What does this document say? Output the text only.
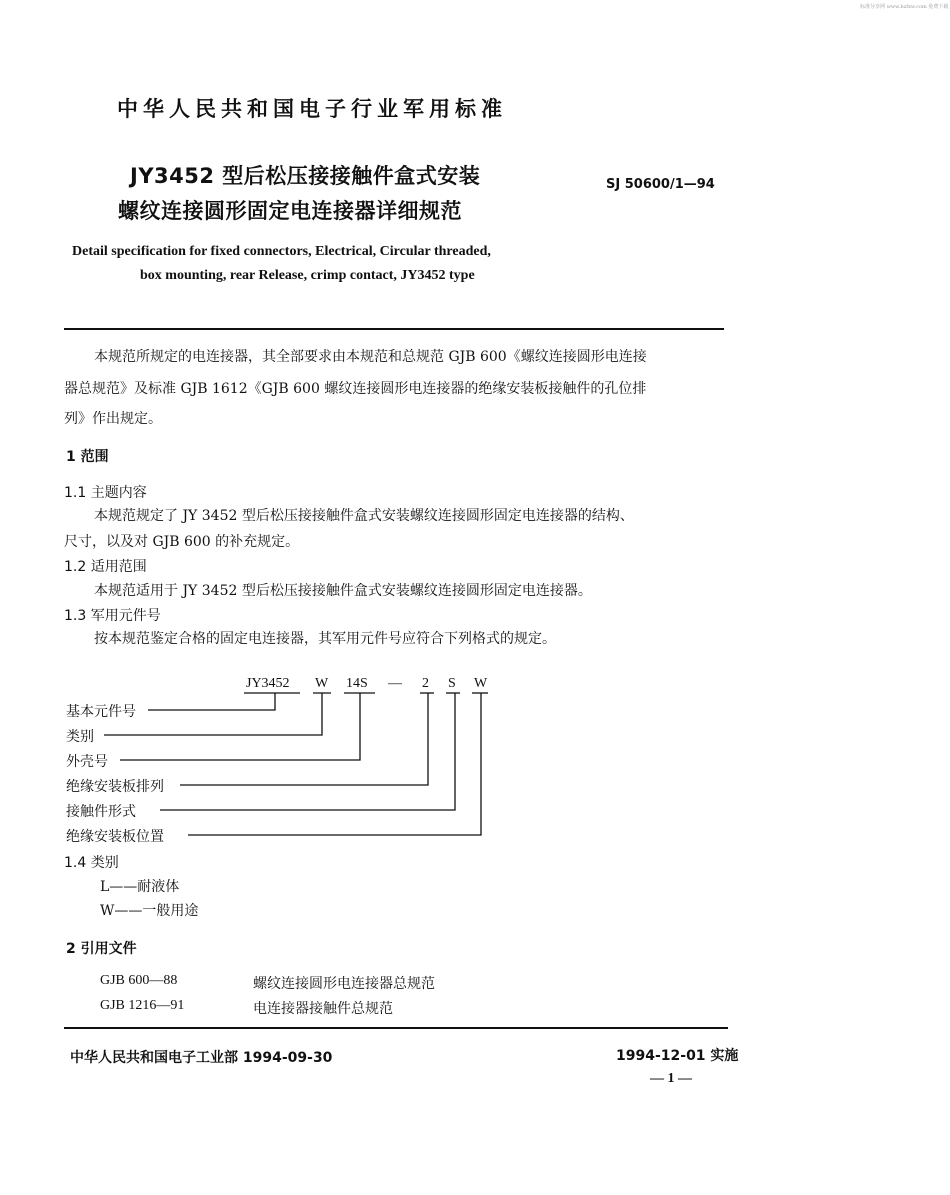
标准分享网 www.bzfxw.com 免费下载
中华人民共和国电子行业军用标准
JY3452 型后松压接接触件盒式安装
螺纹连接圆形固定电连接器详细规范
SJ 50600/1—94
Detail specification for fixed connectors, Electrical, Circular threaded,
box mounting, rear Release, crimp contact, JY3452 type
本规范所规定的电连接器，其全部要求由本规范和总规范 GJB 600《螺纹连接圆形电连接
器总规范》及标准 GJB 1612《GJB 600 螺纹连接圆形电连接器的绝缘安装板接触件的孔位排
列》作出规定。
1 范围
1.1 主题内容
本规范规定了 JY 3452 型后松压接接触件盒式安装螺纹连接圆形固定电连接器的结构、
尺寸，以及对 GJB 600 的补充规定。
1.2 适用范围
本规范适用于 JY 3452 型后松压接接触件盒式安装螺纹连接圆形固定电连接器。
1.3 军用元件号
按本规范鉴定合格的固定电连接器，其军用元件号应符合下列格式的规定。
JY3452 W 14S — 2 S W
基本元件号
类别
外壳号
绝缘安装板排列
接触件形式
绝缘安装板位置
1.4 类别
L——耐液体
W——一般用途
2 引用文件
GJB 600—88	螺纹连接圆形电连接器总规范
GJB 1216—91	电连接器接触件总规范
中华人民共和国电子工业部 1994-09-30	1994-12-01 实施
— 1 —
